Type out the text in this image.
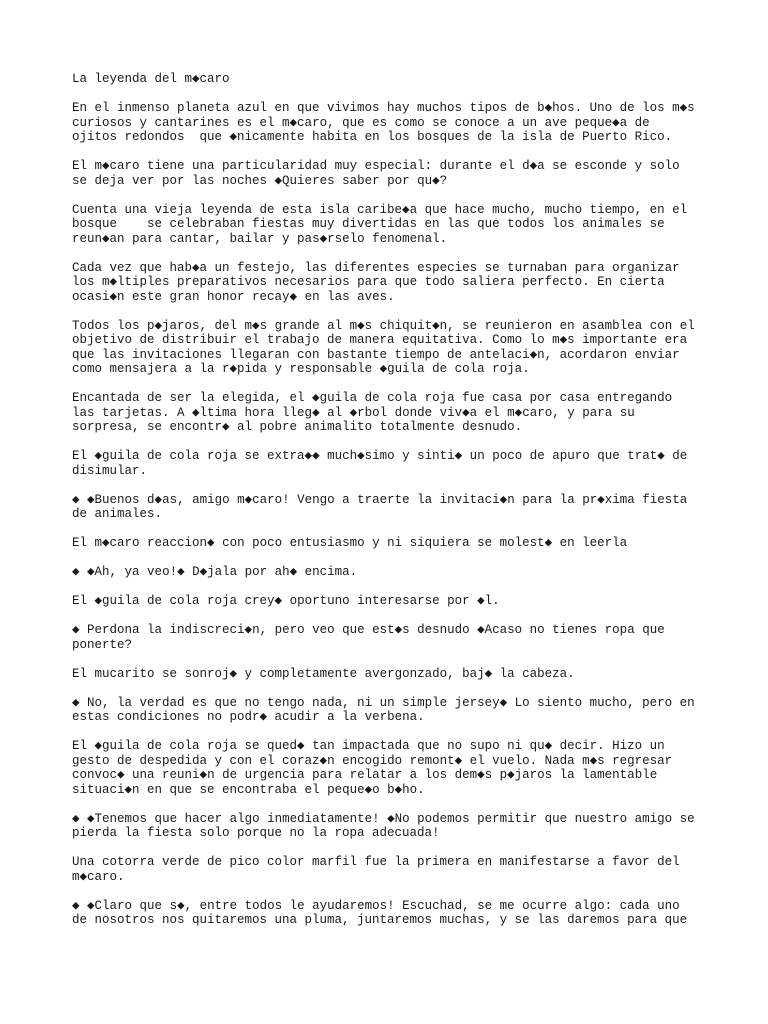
La leyenda del m◆caro

En el inmenso planeta azul en que vivimos hay muchos tipos de b◆hos. Uno de los m◆s
curiosos y cantarines es el m◆caro, que es como se conoce a un ave peque◆a de
ojitos redondos  que ◆nicamente habita en los bosques de la isla de Puerto Rico.

El m◆caro tiene una particularidad muy especial: durante el d◆a se esconde y solo
se deja ver por las noches ◆Quieres saber por qu◆?

Cuenta una vieja leyenda de esta isla caribe◆a que hace mucho, mucho tiempo, en el
bosque    se celebraban fiestas muy divertidas en las que todos los animales se
reun◆an para cantar, bailar y pas◆rselo fenomenal.

Cada vez que hab◆a un festejo, las diferentes especies se turnaban para organizar
los m◆ltiples preparativos necesarios para que todo saliera perfecto. En cierta
ocasi◆n este gran honor recay◆ en las aves.

Todos los p◆jaros, del m◆s grande al m◆s chiquit◆n, se reunieron en asamblea con el
objetivo de distribuir el trabajo de manera equitativa. Como lo m◆s importante era
que las invitaciones llegaran con bastante tiempo de antelaci◆n, acordaron enviar
como mensajera a la r◆pida y responsable ◆guila de cola roja.

Encantada de ser la elegida, el ◆guila de cola roja fue casa por casa entregando
las tarjetas. A ◆ltima hora lleg◆ al ◆rbol donde viv◆a el m◆caro, y para su
sorpresa, se encontr◆ al pobre animalito totalmente desnudo.

El ◆guila de cola roja se extra◆◆ much◆simo y sinti◆ un poco de apuro que trat◆ de
disimular.

◆ ◆Buenos d◆as, amigo m◆caro! Vengo a traerte la invitaci◆n para la pr◆xima fiesta
de animales.

El m◆caro reaccion◆ con poco entusiasmo y ni siquiera se molest◆ en leerla

◆ ◆Ah, ya veo!◆ D◆jala por ah◆ encima.

El ◆guila de cola roja crey◆ oportuno interesarse por ◆l.

◆ Perdona la indiscreci◆n, pero veo que est◆s desnudo ◆Acaso no tienes ropa que
ponerte?

El mucarito se sonroj◆ y completamente avergonzado, baj◆ la cabeza.

◆ No, la verdad es que no tengo nada, ni un simple jersey◆ Lo siento mucho, pero en
estas condiciones no podr◆ acudir a la verbena.

El ◆guila de cola roja se qued◆ tan impactada que no supo ni qu◆ decir. Hizo un
gesto de despedida y con el coraz◆n encogido remont◆ el vuelo. Nada m◆s regresar
convoc◆ una reuni◆n de urgencia para relatar a los dem◆s p◆jaros la lamentable
situaci◆n en que se encontraba el peque◆o b◆ho.

◆ ◆Tenemos que hacer algo inmediatamente! ◆No podemos permitir que nuestro amigo se
pierda la fiesta solo porque no la ropa adecuada!

Una cotorra verde de pico color marfil fue la primera en manifestarse a favor del
m◆caro.

◆ ◆Claro que s◆, entre todos le ayudaremos! Escuchad, se me ocurre algo: cada uno
de nosotros nos quitaremos una pluma, juntaremos muchas, y se las daremos para que
